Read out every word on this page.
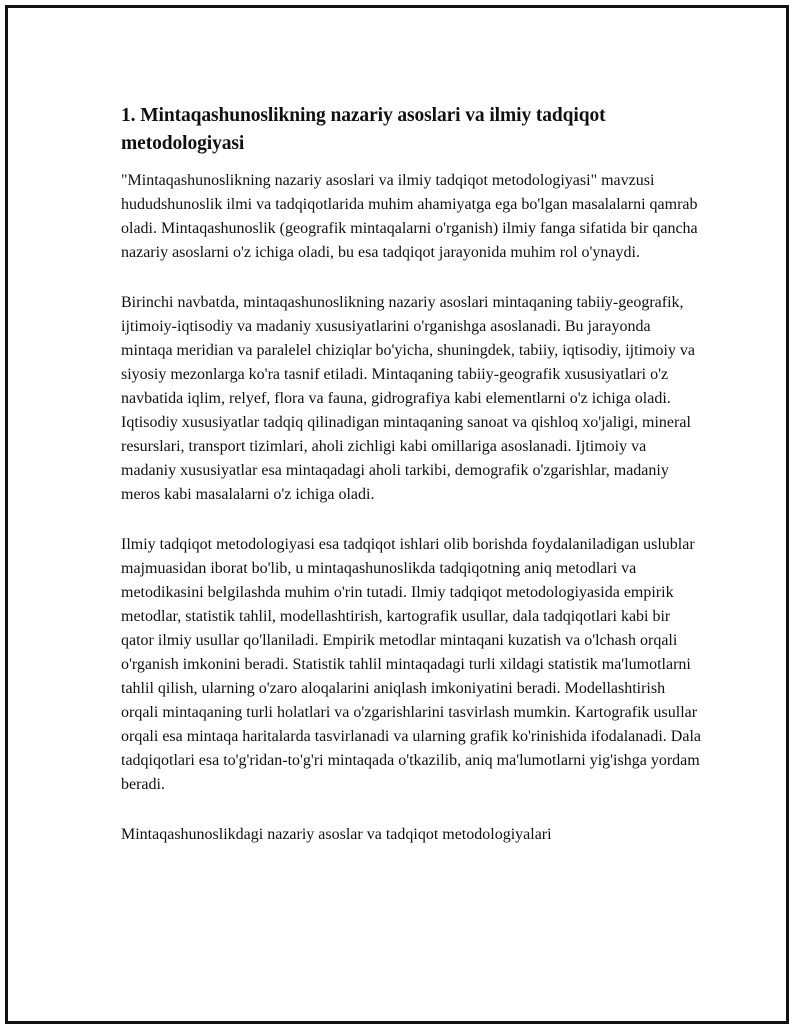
1. Mintaqashunoslikning nazariy asoslari va ilmiy tadqiqot metodologiyasi

"Mintaqashunoslikning nazariy asoslari va ilmiy tadqiqot metodologiyasi" mavzusi hududshunoslik ilmi va tadqiqotlarida muhim ahamiyatga ega bo'lgan masalalarni qamrab oladi. Mintaqashunoslik (geografik mintaqalarni o'rganish) ilmiy fanga sifatida bir qancha nazariy asoslarni o'z ichiga oladi, bu esa tadqiqot jarayonida muhim rol o'ynaydi.

Birinchi navbatda, mintaqashunoslikning nazariy asoslari mintaqaning tabiiy-geografik, ijtimoiy-iqtisodiy va madaniy xususiyatlarini o'rganishga asoslanadi. Bu jarayonda mintaqa meridian va paralelel chiziqlar bo'yicha, shuningdek, tabiiy, iqtisodiy, ijtimoiy va siyosiy mezonlarga ko'ra tasnif etiladi. Mintaqaning tabiiy-geografik xususiyatlari o'z navbatida iqlim, relyef, flora va fauna, gidrografiya kabi elementlarni o'z ichiga oladi. Iqtisodiy xususiyatlar tadqiq qilinadigan mintaqaning sanoat va qishloq xo'jaligi, mineral resurslari, transport tizimlari, aholi zichligi kabi omillariga asoslanadi. Ijtimoiy va madaniy xususiyatlar esa mintaqadagi aholi tarkibi, demografik o'zgarishlar, madaniy meros kabi masalalarni o'z ichiga oladi.

Ilmiy tadqiqot metodologiyasi esa tadqiqot ishlari olib borishda foydalaniladigan uslublar majmuasidan iborat bo'lib, u mintaqashunoslikda tadqiqotning aniq metodlari va metodikasini belgilashda muhim o'rin tutadi. Ilmiy tadqiqot metodologiyasida empirik metodlar, statistik tahlil, modellashtirish, kartografik usullar, dala tadqiqotlari kabi bir qator ilmiy usullar qo'llaniladi. Empirik metodlar mintaqani kuzatish va o'lchash orqali o'rganish imkonini beradi. Statistik tahlil mintaqadagi turli xildagi statistik ma'lumotlarni tahlil qilish, ularning o'zaro aloqalarini aniqlash imkoniyatini beradi. Modellashtirish orqali mintaqaning turli holatlari va o'zgarishlarini tasvirlash mumkin. Kartografik usullar orqali esa mintaqa haritalarda tasvirlanadi va ularning grafik ko'rinishida ifodalanadi. Dala tadqiqotlari esa to'g'ridan-to'g'ri mintaqada o'tkazilib, aniq ma'lumotlarni yig'ishga yordam beradi.

Mintaqashunoslikdagi nazariy asoslar va tadqiqot metodologiyalari
